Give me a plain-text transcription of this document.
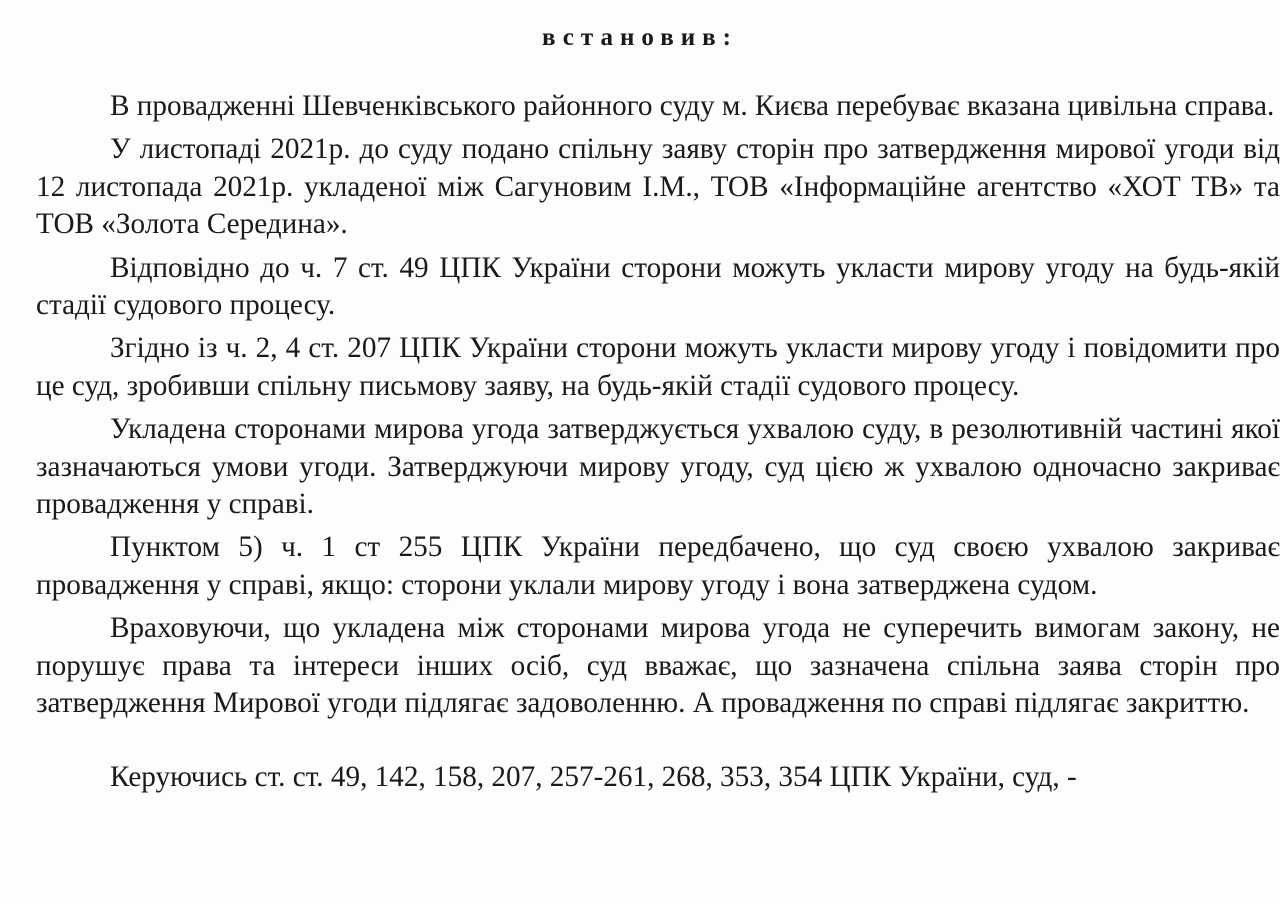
встановив:

В провадженні Шевченківського районного суду м. Києва перебуває вказана цивільна справа.

У листопаді 2021р. до суду подано спільну заяву сторін про затвердження мирової угоди від 12 листопада 2021р. укладеної між Сагуновим І.М., ТОВ «Інформаційне агентство «ХОТ ТВ» та ТОВ «Золота Середина».

Відповідно до ч. 7 ст. 49 ЦПК України сторони можуть укласти мирову угоду на будь-якій стадії судового процесу.

Згідно із ч. 2, 4 ст. 207 ЦПК України сторони можуть укласти мирову угоду і повідомити про це суд, зробивши спільну письмову заяву, на будь-якій стадії судового процесу.

Укладена сторонами мирова угода затверджується ухвалою суду, в резолютивній частині якої зазначаються умови угоди. Затверджуючи мирову угоду, суд цією ж ухвалою одночасно закриває провадження у справі.

Пунктом 5) ч. 1 ст 255 ЦПК України передбачено, що суд своєю ухвалою закриває провадження у справі, якщо: сторони уклали мирову угоду і вона затверджена судом.

Враховуючи, що укладена між сторонами мирова угода не суперечить вимогам закону, не порушує права та інтереси інших осіб, суд вважає, що зазначена спільна заява сторін про затвердження Мирової угоди підлягає задоволенню. А провадження по справі підлягає закриттю.

Керуючись ст. ст. 49, 142, 158, 207, 257-261, 268, 353, 354 ЦПК України, суд, -
